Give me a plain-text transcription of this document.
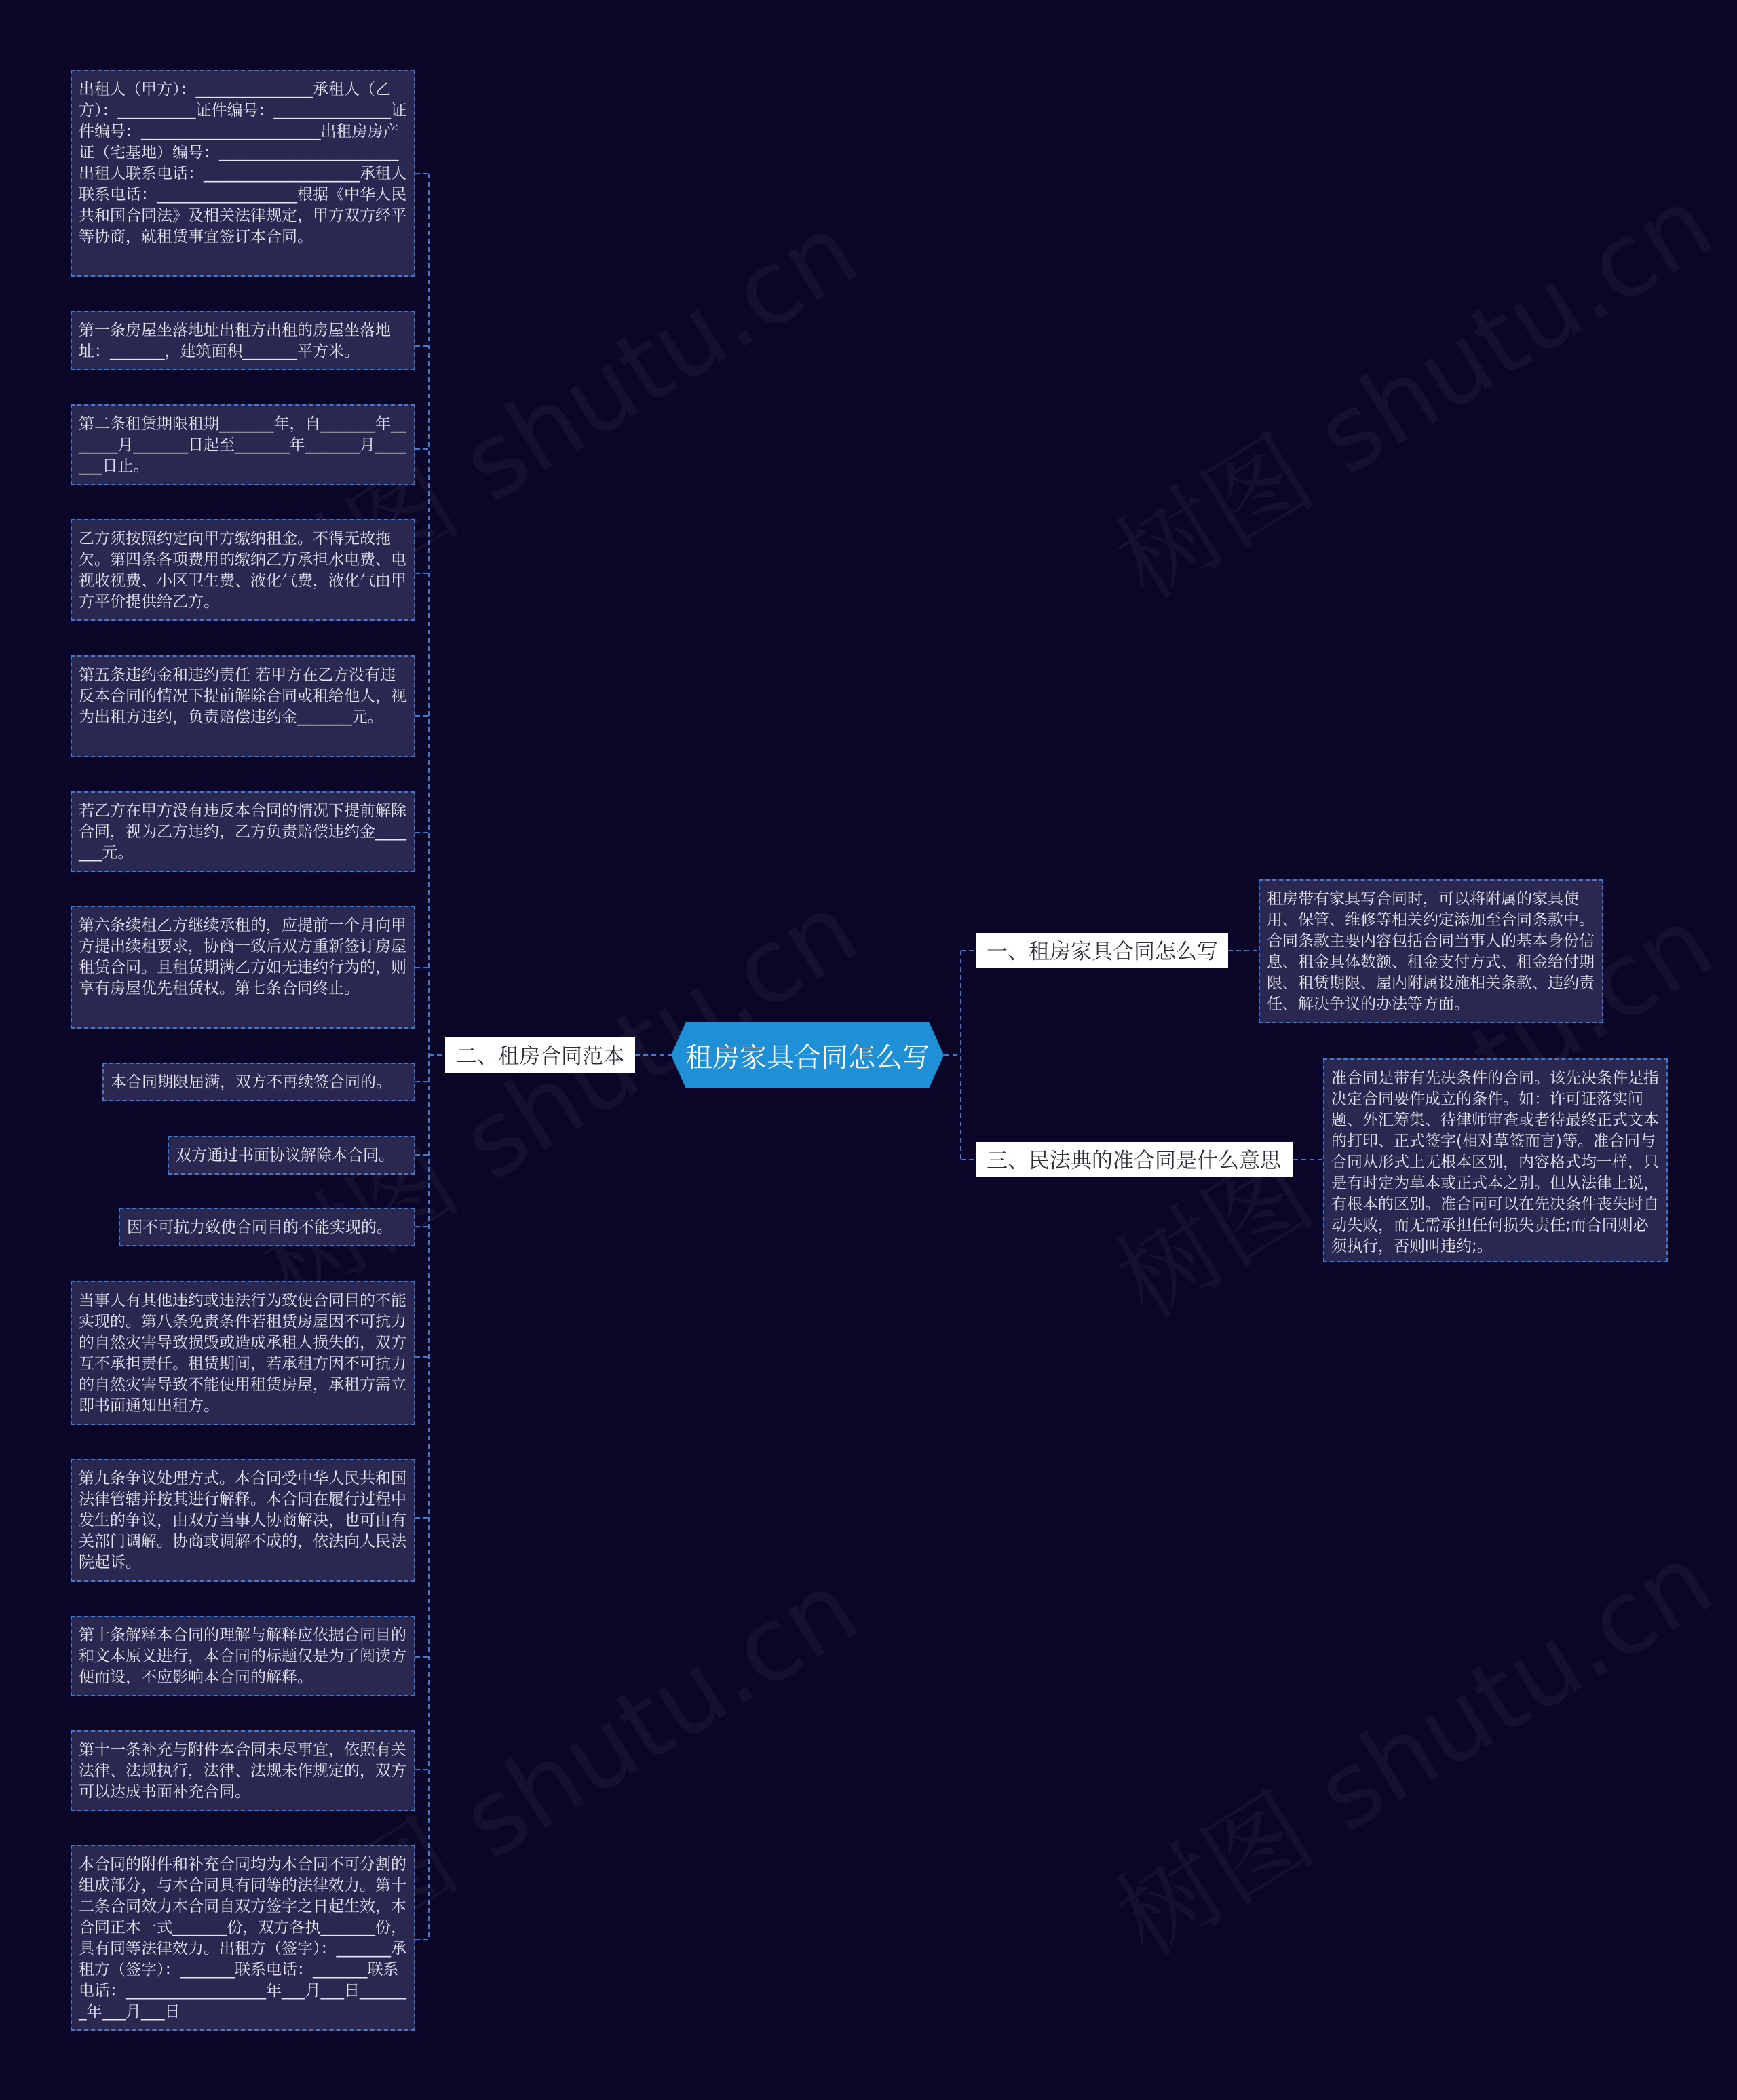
出租人（甲方）：_______________承租人（乙方）：__________证件编号：_______________证件编号：_______________________出租房房产证（宅基地）编号：_______________________出租人联系电话：____________________承租人联系电话：__________________根据《中华人民共和国合同法》及相关法律规定，甲方双方经平等协商，就租赁事宜签订本合同。
第一条房屋坐落地址出租方出租的房屋坐落地址：_______，建筑面积_______平方米。
第二条租赁期限租期_______年，自_______年_______月_______日起至_______年_______月_______日止。
乙方须按照约定向甲方缴纳租金。不得无故拖欠。第四条各项费用的缴纳乙方承担水电费、电视收视费、小区卫生费、液化气费，液化气由甲方平价提供给乙方。
第五条违约金和违约责任 若甲方在乙方没有违反本合同的情况下提前解除合同或租给他人，视为出租方违约，负责赔偿违约金_______元。
若乙方在甲方没有违反本合同的情况下提前解除合同，视为乙方违约，乙方负责赔偿违约金_______元。
第六条续租乙方继续承租的，应提前一个月向甲方提出续租要求，协商一致后双方重新签订房屋租赁合同。且租赁期满乙方如无违约行为的，则享有房屋优先租赁权。第七条合同终止。
本合同期限届满，双方不再续签合同的。
双方通过书面协议解除本合同。
因不可抗力致使合同目的不能实现的。
当事人有其他违约或违法行为致使合同目的不能实现的。第八条免责条件若租赁房屋因不可抗力的自然灾害导致损毁或造成承租人损失的，双方互不承担责任。租赁期间，若承租方因不可抗力的自然灾害导致不能使用租赁房屋，承租方需立即书面通知出租方。
第九条争议处理方式。本合同受中华人民共和国法律管辖并按其进行解释。本合同在履行过程中发生的争议，由双方当事人协商解决，也可由有关部门调解。协商或调解不成的，依法向人民法院起诉。
第十条解释本合同的理解与解释应依据合同目的和文本原义进行，本合同的标题仅是为了阅读方便而设，不应影响本合同的解释。
第十一条补充与附件本合同未尽事宜，依照有关法律、法规执行，法律、法规未作规定的，双方可以达成书面补充合同。
本合同的附件和补充合同均为本合同不可分割的组成部分，与本合同具有同等的法律效力。第十二条合同效力本合同自双方签字之日起生效，本合同正本一式_______份，双方各执_______份，具有同等法律效力。出租方（签字）：_______承租方（签字）：_______联系电话：_______联系电话：__________________年___月___日_______年___月___日
二、租房合同范本	租房家具合同怎么写
一、租房家具合同怎么写
三、民法典的准合同是什么意思
租房带有家具写合同时，可以将附属的家具使用、保管、维修等相关约定添加至合同条款中。合同条款主要内容包括合同当事人的基本身份信息、租金具体数额、租金支付方式、租金给付期限、租赁期限、屋内附属设施相关条款、违约责任、解决争议的办法等方面。
准合同是带有先决条件的合同。该先决条件是指决定合同要件成立的条件。如：许可证落实问题、外汇筹集、待律师审查或者待最终正式文本的打印、正式签字(相对草签而言)等。准合同与合同从形式上无根本区别，内容格式均一样，只是有时定为草本或正式本之别。但从法律上说，有根本的区别。准合同可以在先决条件丧失时自动失败，而无需承担任何损失责任;而合同则必须执行，否则叫违约;。
